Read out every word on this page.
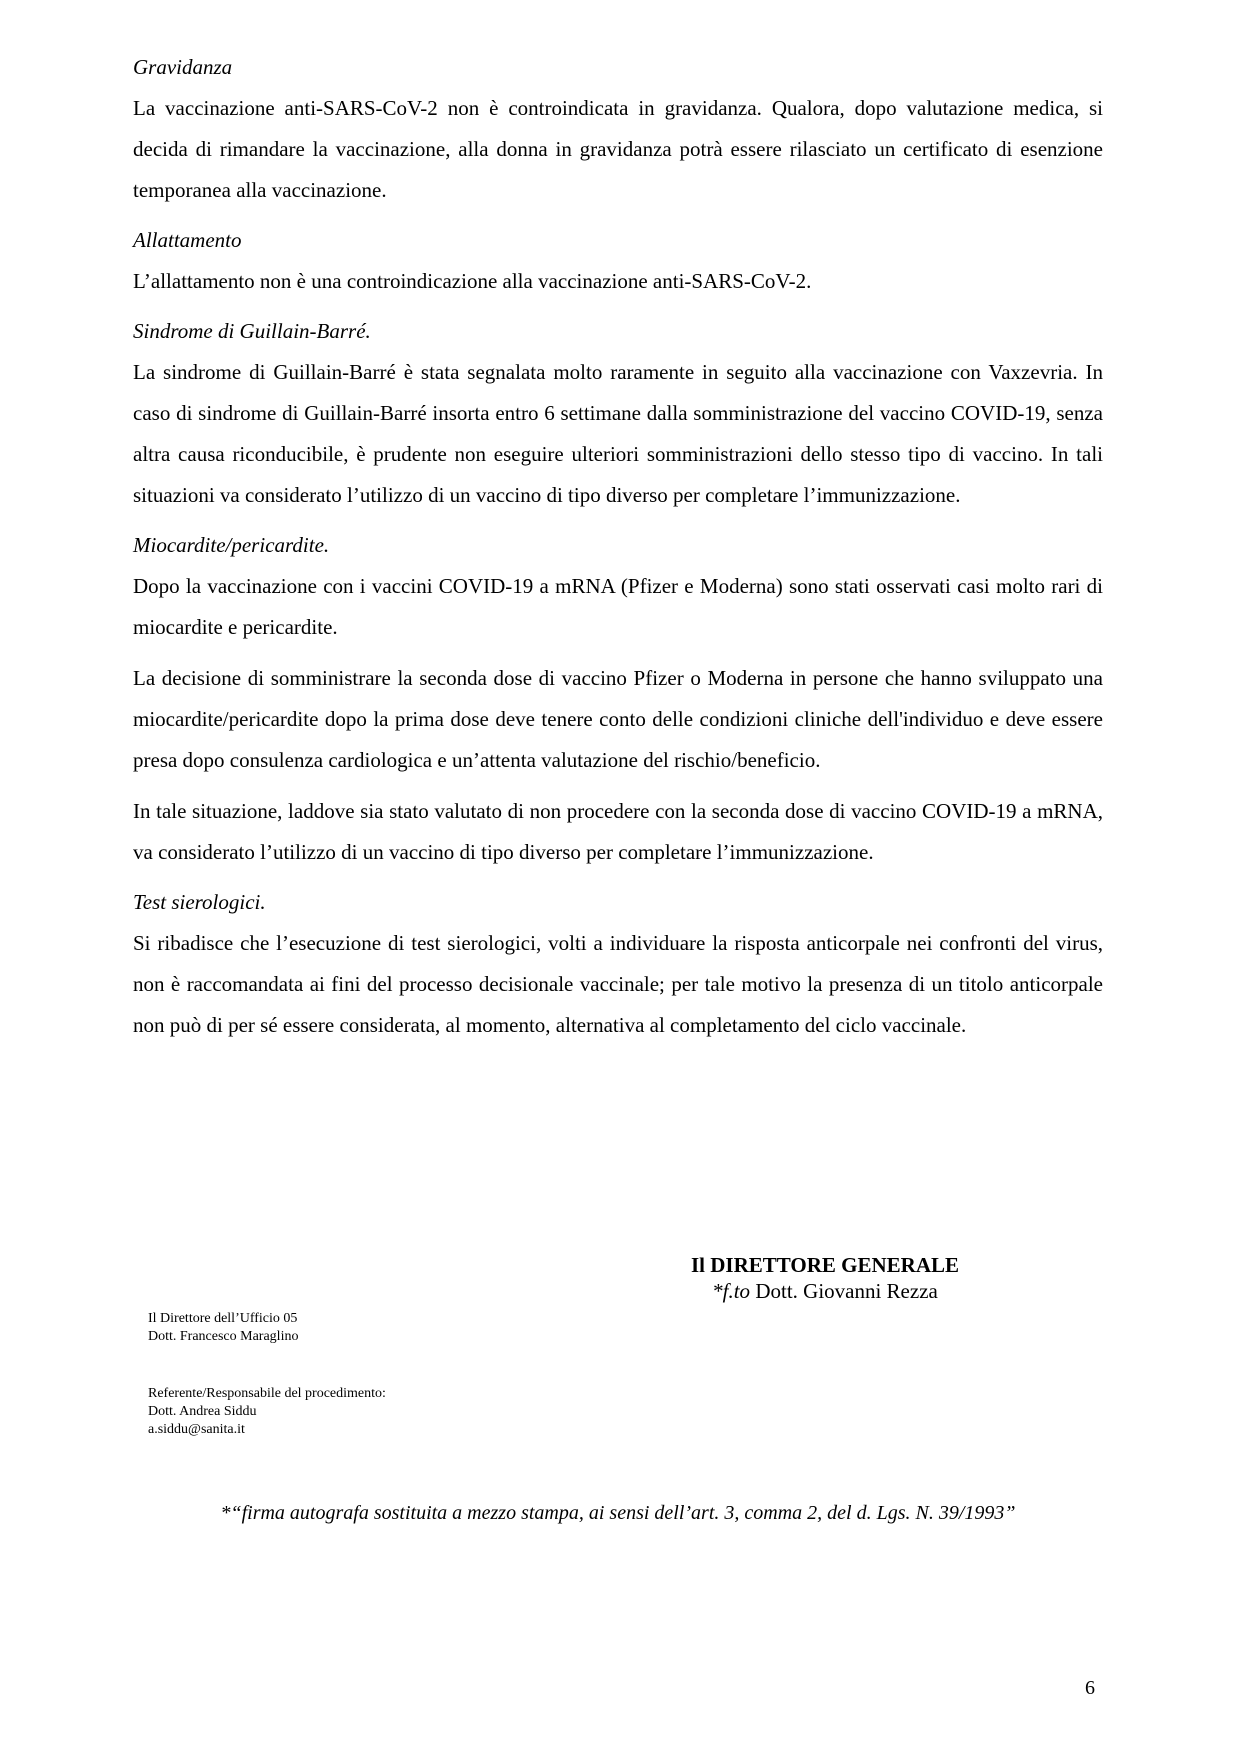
Gravidanza

La vaccinazione anti-SARS-CoV-2 non è controindicata in gravidanza. Qualora, dopo valutazione medica, si decida di rimandare la vaccinazione, alla donna in gravidanza potrà essere rilasciato un certificato di esenzione temporanea alla vaccinazione.

Allattamento

L’allattamento non è una controindicazione alla vaccinazione anti-SARS-CoV-2.

Sindrome di Guillain-Barré.

La sindrome di Guillain-Barré è stata segnalata molto raramente in seguito alla vaccinazione con Vaxzevria. In caso di sindrome di Guillain-Barré insorta entro 6 settimane dalla somministrazione del vaccino COVID-19, senza altra causa riconducibile, è prudente non eseguire ulteriori somministrazioni dello stesso tipo di vaccino. In tali situazioni va considerato l’utilizzo di un vaccino di tipo diverso per completare l’immunizzazione.

Miocardite/pericardite.

Dopo la vaccinazione con i vaccini COVID-19 a mRNA (Pfizer e Moderna) sono stati osservati casi molto rari di miocardite e pericardite.

La decisione di somministrare la seconda dose di vaccino Pfizer o Moderna in persone che hanno sviluppato una miocardite/pericardite dopo la prima dose deve tenere conto delle condizioni cliniche dell'individuo e deve essere presa dopo consulenza cardiologica e un’attenta valutazione del rischio/beneficio.

In tale situazione, laddove sia stato valutato di non procedere con la seconda dose di vaccino COVID-19 a mRNA, va considerato l’utilizzo di un vaccino di tipo diverso per completare l’immunizzazione.

Test sierologici.

Si ribadisce che l’esecuzione di test sierologici, volti a individuare la risposta anticorpale nei confronti del virus, non è raccomandata ai fini del processo decisionale vaccinale; per tale motivo la presenza di un titolo anticorpale non può di per sé essere considerata, al momento, alternativa al completamento del ciclo vaccinale.

Il DIRETTORE GENERALE
*f.to Dott. Giovanni Rezza
Il Direttore dell’Ufficio 05
Dott. Francesco Maraglino
Referente/Responsabile del procedimento:
Dott. Andrea Siddu
a.siddu@sanita.it
*“firma autografa sostituita a mezzo stampa, ai sensi dell’art. 3, comma 2, del d. Lgs. N. 39/1993”
6
